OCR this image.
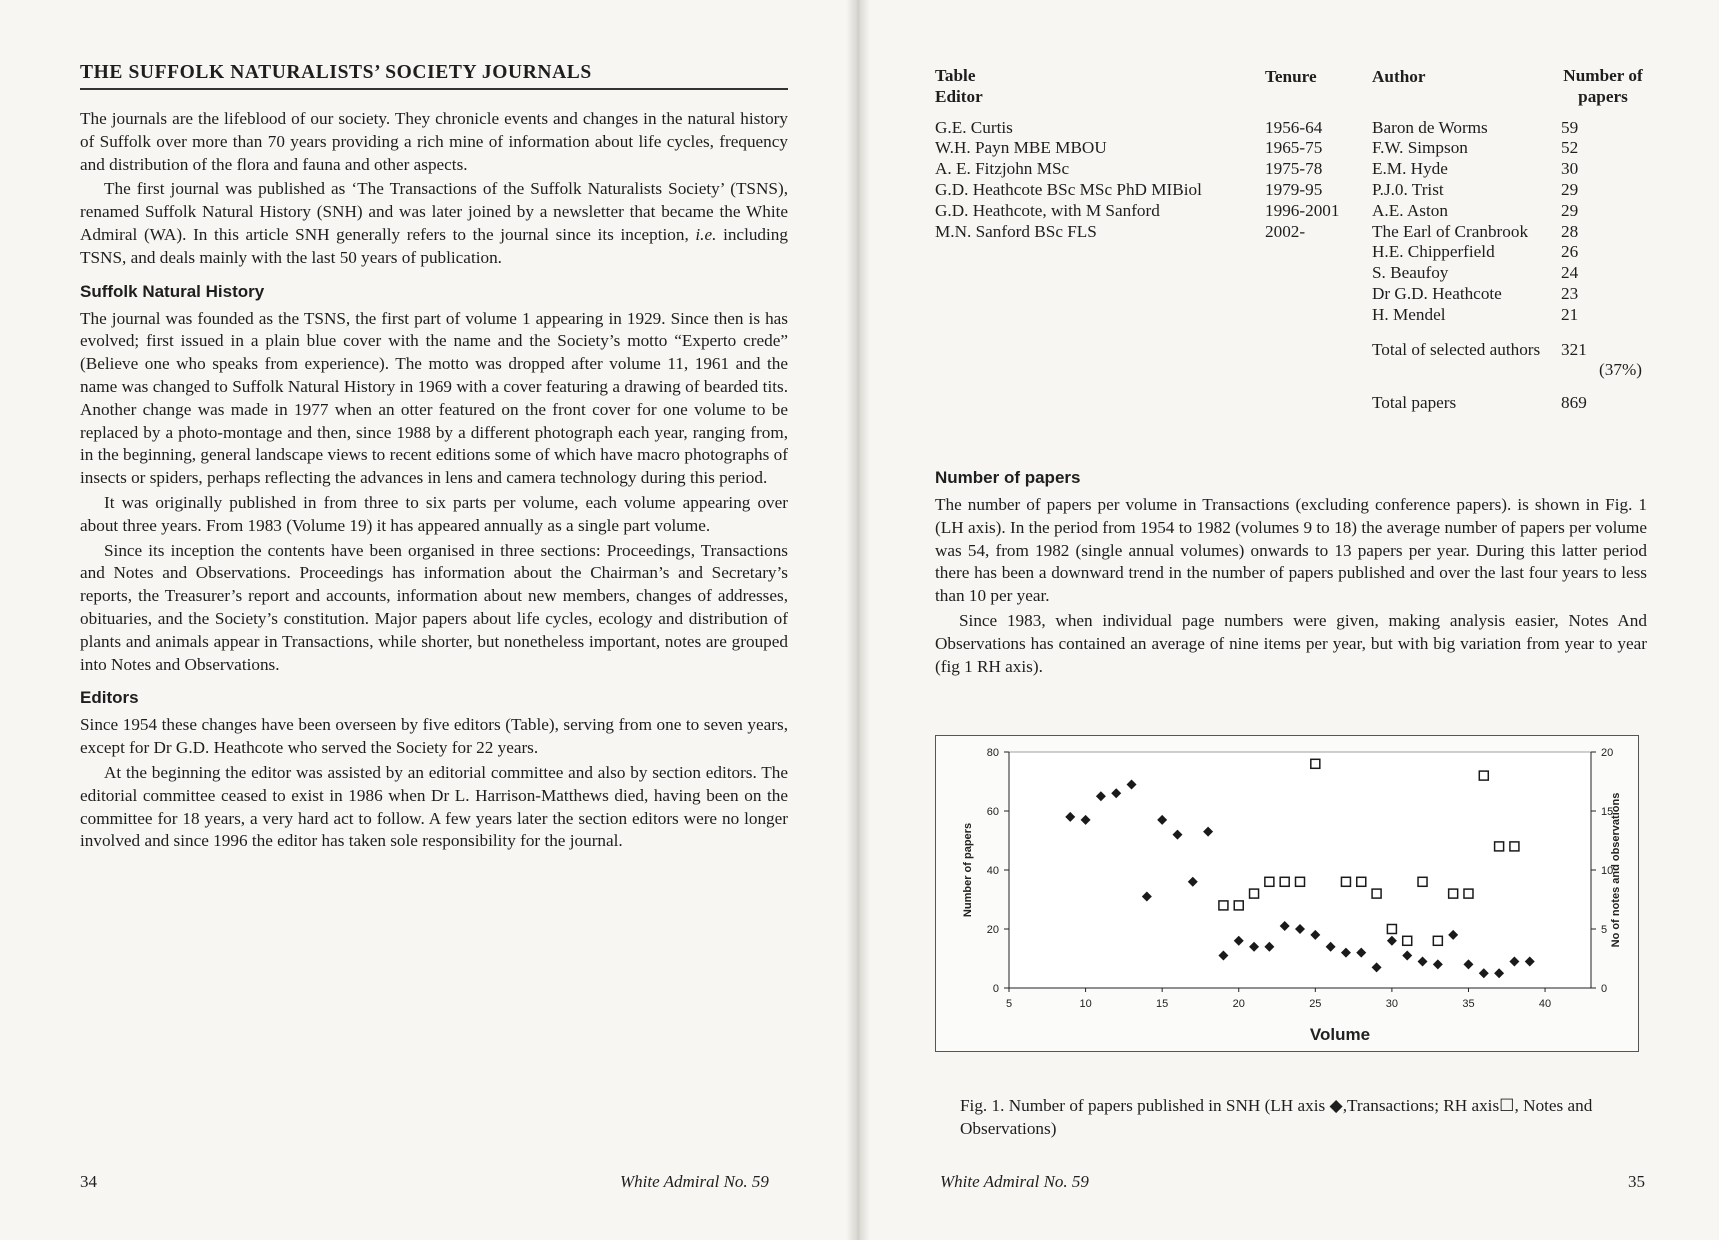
THE SUFFOLK NATURALISTS’ SOCIETY JOURNALS

The journals are the lifeblood of our society. They chronicle events and changes in the natural history of Suffolk over more than 70 years providing a rich mine of information about life cycles, frequency and distribution of the flora and fauna and other aspects.

The first journal was published as ‘The Transactions of the Suffolk Naturalists Society’ (TSNS), renamed Suffolk Natural History (SNH) and was later joined by a newsletter that became the White Admiral (WA). In this article SNH generally refers to the journal since its inception, i.e. including TSNS, and deals mainly with the last 50 years of publication.

Suffolk Natural History

The journal was founded as the TSNS, the first part of volume 1 appearing in 1929. Since then is has evolved; first issued in a plain blue cover with the name and the Society’s motto “Experto crede” (Believe one who speaks from experience). The motto was dropped after volume 11, 1961 and the name was changed to Suffolk Natural History in 1969 with a cover featuring a drawing of bearded tits. Another change was made in 1977 when an otter featured on the front cover for one volume to be replaced by a photo-montage and then, since 1988 by a different photograph each year, ranging from, in the beginning, general landscape views to recent editions some of which have macro photographs of insects or spiders, perhaps reflecting the advances in lens and camera technology during this period.

It was originally published in from three to six parts per volume, each volume appearing over about three years. From 1983 (Volume 19) it has appeared annually as a single part volume.

Since its inception the contents have been organised in three sections: Proceedings, Transactions and Notes and Observations. Proceedings has information about the Chairman’s and Secretary’s reports, the Treasurer’s report and accounts, information about new members, changes of addresses, obituaries, and the Society’s constitution. Major papers about life cycles, ecology and distribution of plants and animals appear in Transactions, while shorter, but nonetheless important, notes are grouped into Notes and Observations.

Editors

Since 1954 these changes have been overseen by five editors (Table), serving from one to seven years, except for Dr G.D. Heathcote who served the Society for 22 years.

At the beginning the editor was assisted by an editorial committee and also by section editors. The editorial committee ceased to exist in 1986 when Dr L. Harrison-Matthews died, having been on the committee for 18 years, a very hard act to follow. A few years later the section editors were no longer involved and since 1996 the editor has taken sole responsibility for the journal.

34	White Admiral No. 59
Table
Editor	Tenure	Author	Number of papers
G.E. Curtis	1956-64	Baron de Worms	59
W.H. Payn MBE MBOU	1965-75	F.W. Simpson	52
A. E. Fitzjohn MSc	1975-78	E.M. Hyde	30
G.D. Heathcote BSc MSc PhD MIBiol	1979-95	P.J.0. Trist	29
G.D. Heathcote, with M Sanford	1996-2001	A.E. Aston	29
M.N. Sanford BSc FLS	2002-	The Earl of Cranbrook	28
		H.E. Chipperfield	26
		S. Beaufoy	24
		Dr G.D. Heathcote	23
		H. Mendel	21

		Total of selected authors	321
			(37%)

		Total papers	869

Number of papers

The number of papers per volume in Transactions (excluding conference papers). is shown in Fig. 1 (LH axis). In the period from 1954 to 1982 (volumes 9 to 18) the average number of papers per volume was 54, from 1982 (single annual volumes) onwards to 13 papers per year. During this latter period there has been a downward trend in the number of papers published and over the last four years to less than 10 per year.

Since 1983, when individual page numbers were given, making analysis easier, Notes And Observations has contained an average of nine items per year, but with big variation from year to year (fig 1 RH axis).

0
20
40
60
80
0
5
10
15
20
5	10	15	20	25	30	35	40
Volume
Number of papers	No of notes and observations
Fig. 1. Number of papers published in SNH (LH axis ◆,Transactions; RH axis☐, Notes and Observations)
White Admiral No. 59	35
